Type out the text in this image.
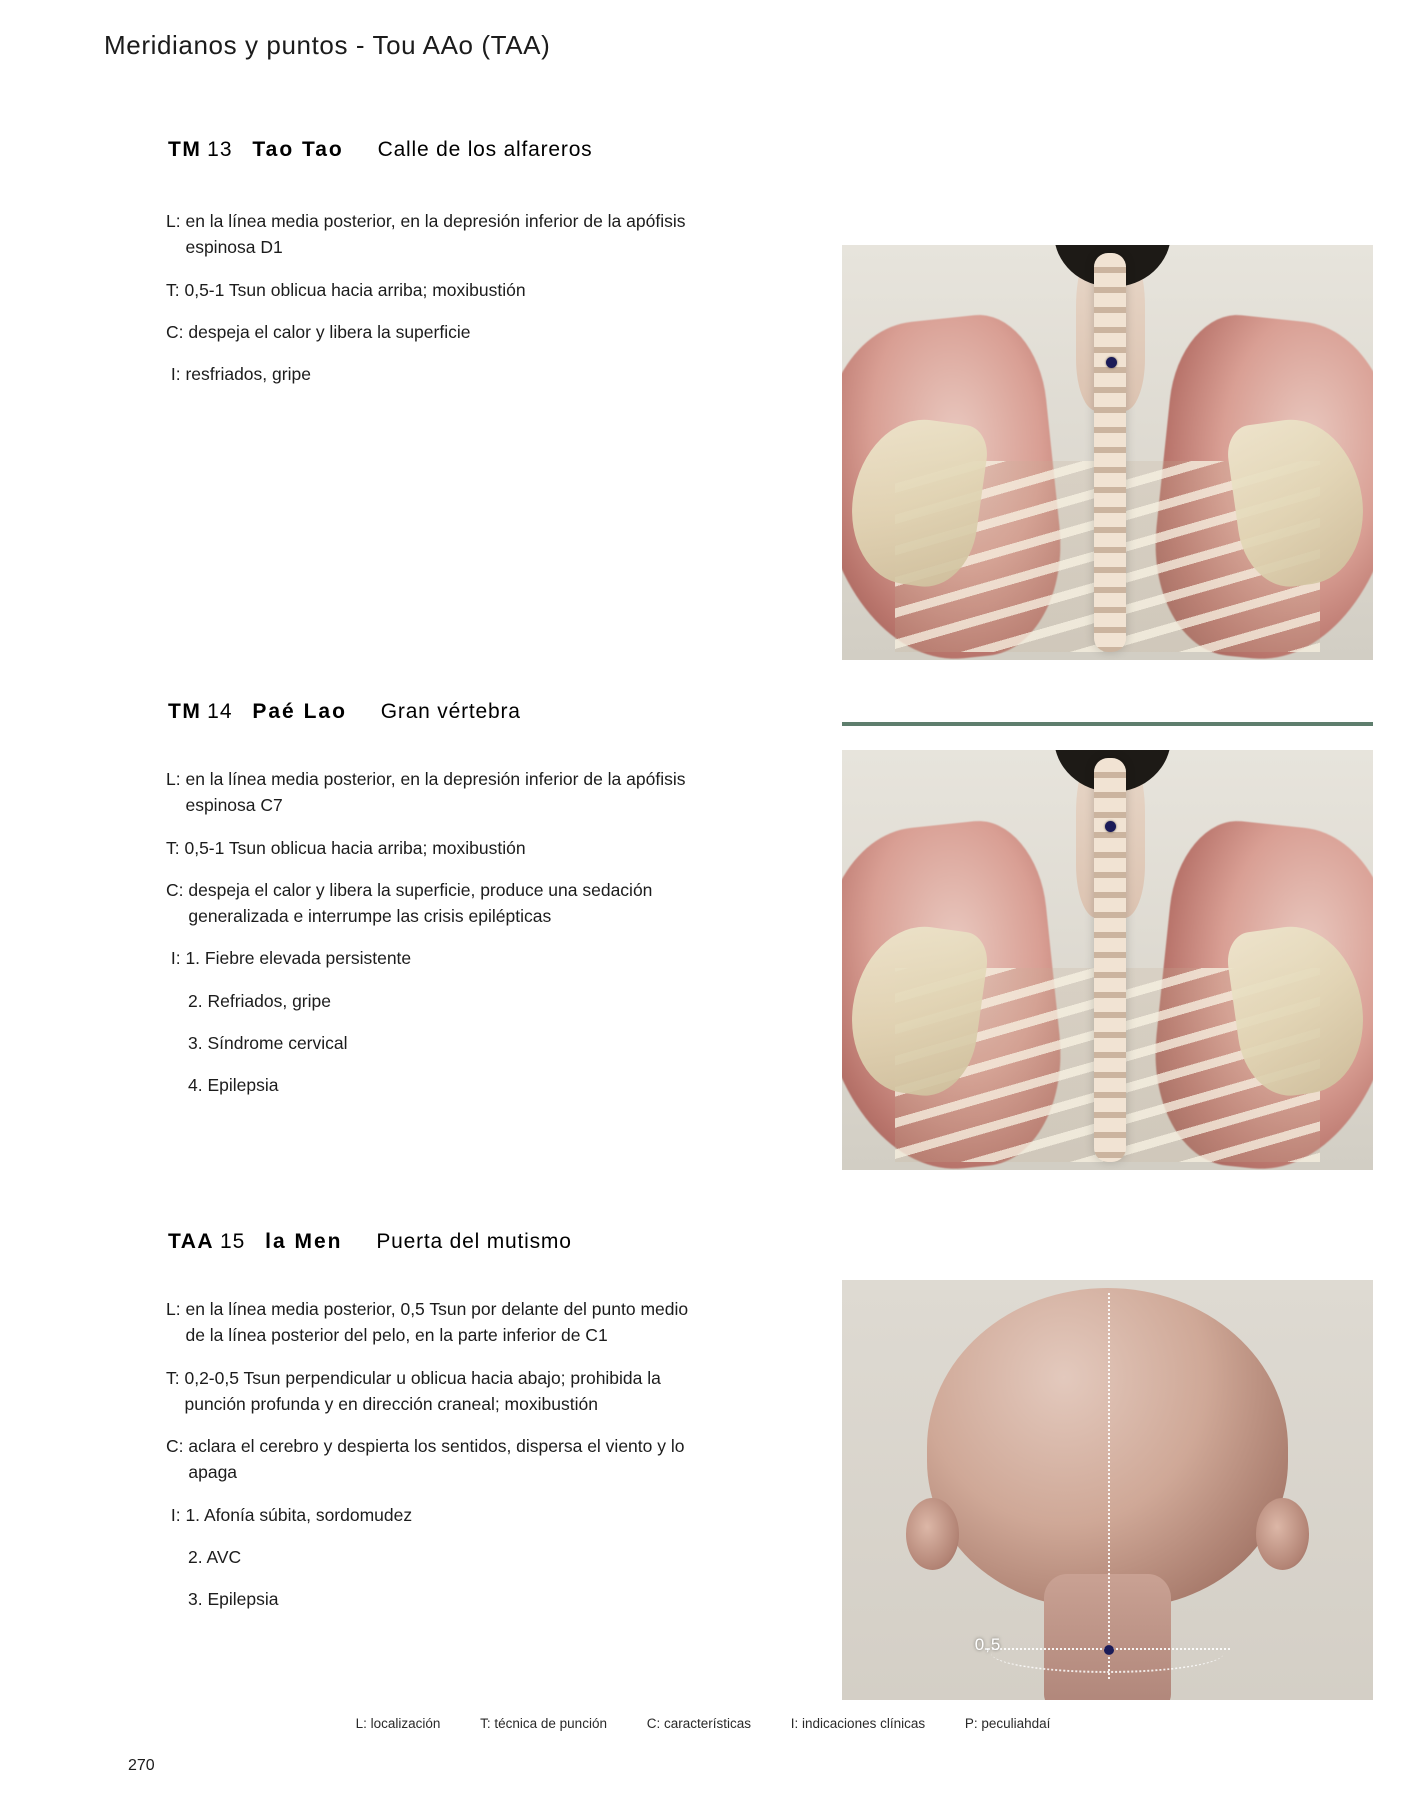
Meridianos y puntos - Tou AAo (TAA)
TM 13 Tao Tao Calle de los alfareros
L: en la línea media posterior, en la depresión inferior de la apófisis espinosa D1
T: 0,5-1 Tsun oblicua hacia arriba; moxibustión
C: despeja el calor y libera la superficie
I: resfriados, gripe
TM 14 Paé Lao Gran vértebra
L: en la línea media posterior, en la depresión inferior de la apófisis espinosa C7
T: 0,5-1 Tsun oblicua hacia arriba; moxibustión
C: despeja el calor y libera la superficie, produce una sedación generalizada e interrumpe las crisis epilépticas
I: 1. Fiebre elevada persistente
2. Refriados, gripe
3. Síndrome cervical
4. Epilepsia
TAA 15 la Men Puerta del mutismo
L: en la línea media posterior, 0,5 Tsun por delante del punto medio de la línea posterior del pelo, en la parte inferior de C1
T: 0,2-0,5 Tsun perpendicular u oblicua hacia abajo; prohibida la punción profunda y en dirección craneal; moxibustión
C: aclara el cerebro y despierta los sentidos, dispersa el viento y lo apaga
I: 1. Afonía súbita, sordomudez
2. AVC
3. Epilepsia
0,5
L: localización	T: técnica de punción	C: características	I: indicaciones clínicas	P: peculiahdaí
270
